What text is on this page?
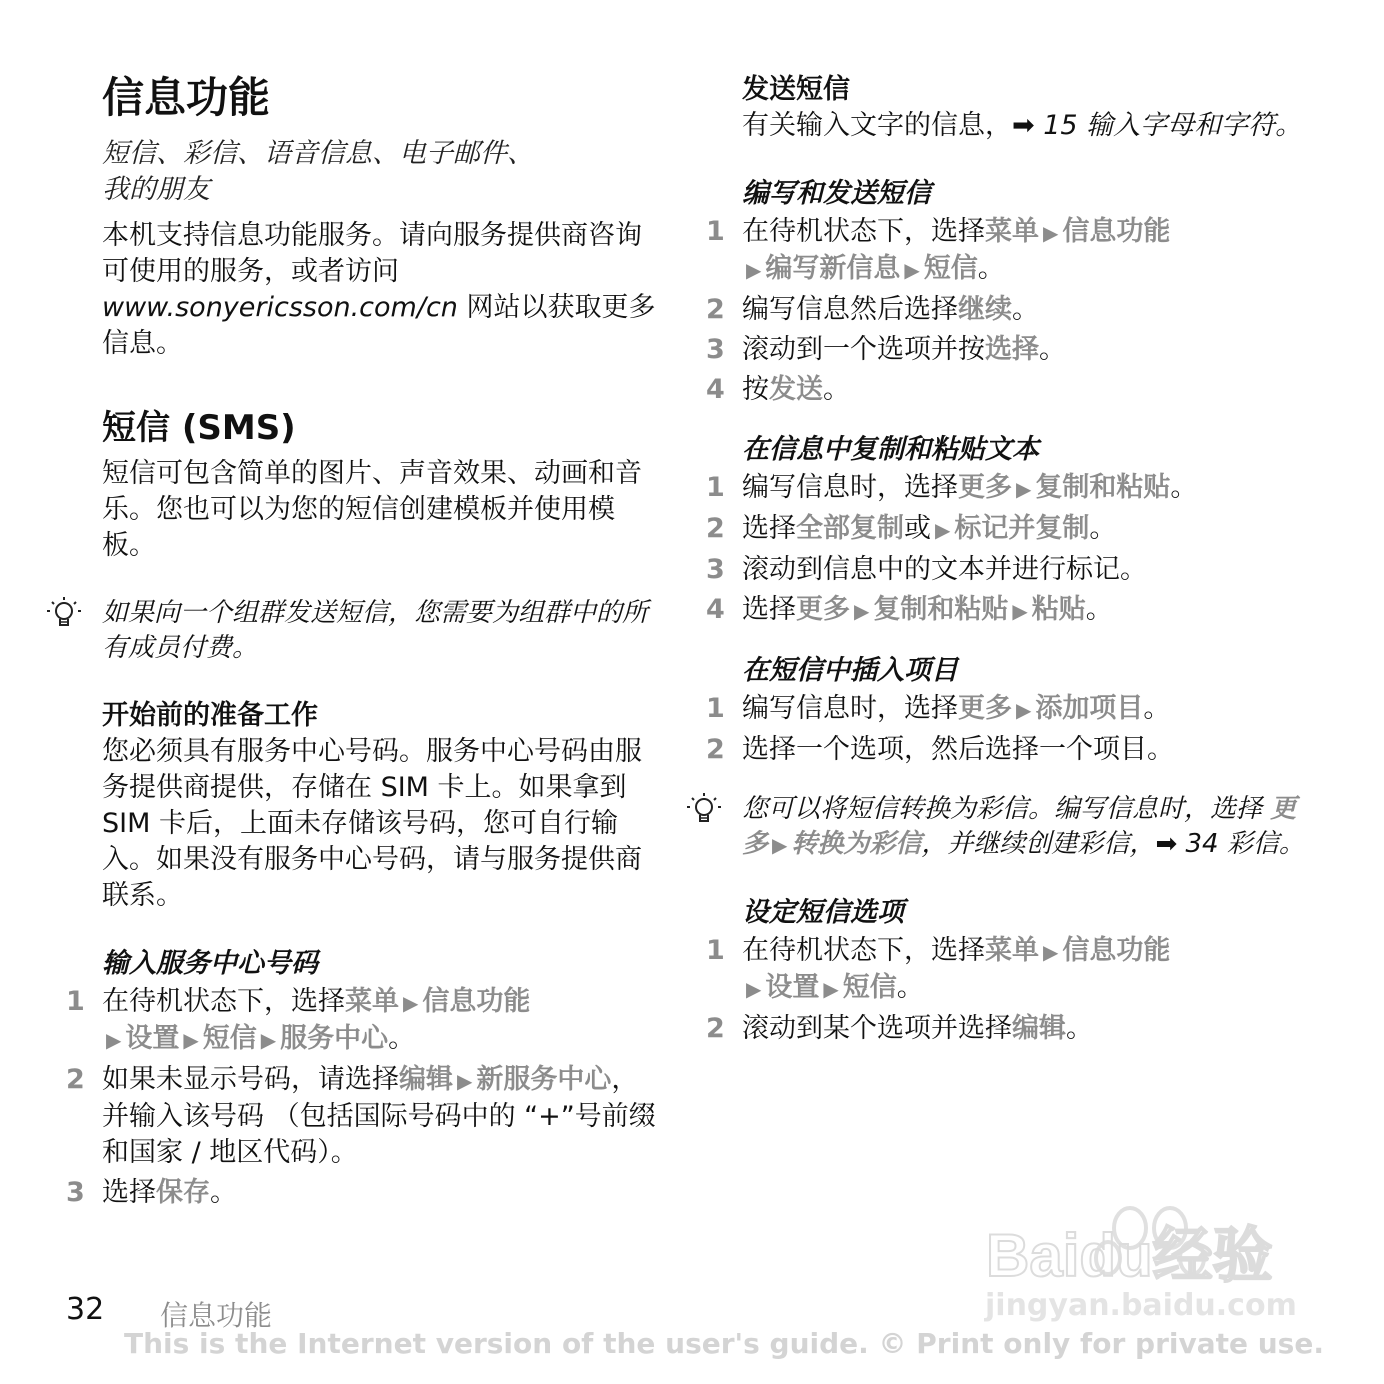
信息功能

短信、彩信、语音信息、电子邮件、
我的朋友

本机支持信息功能服务。请向服务提供商咨询可使用的服务，或者访问www.sonyericsson.com/cn 网站以获取更多信息。

短信 (SMS)

短信可包含简单的图片、声音效果、动画和音乐。您也可以为您的短信创建模板并使用模板。

如果向一个组群发送短信，您需要为组群中的所有成员付费。
开始前的准备工作

您必须具有服务中心号码。服务中心号码由服务提供商提供，存储在 SIM 卡上。如果拿到 SIM 卡后，上面未存储该号码，您可自行输入。如果没有服务中心号码，请与服务提供商联系。

输入服务中心号码
1 在待机状态下，选择菜单 ▶ 信息功能
▶ 设置 ▶ 短信 ▶ 服务中心。
2 如果未显示号码，请选择编辑 ▶ 新服务中心，并输入该号码 （包括国际号码中的 “+”号前缀和国家 / 地区代码）。
3 选择保存。
发送短信

有关输入文字的信息，➡ 15 输入字母和字符。

编写和发送短信
1 在待机状态下，选择菜单 ▶ 信息功能
▶ 编写新信息 ▶ 短信。
2 编写信息然后选择继续。
3 滚动到一个选项并按选择。
4 按发送。
在信息中复制和粘贴文本
1 编写信息时，选择更多 ▶ 复制和粘贴。
2 选择全部复制或 ▶ 标记并复制。
3 滚动到信息中的文本并进行标记。
4 选择更多 ▶ 复制和粘贴 ▶ 粘贴。
在短信中插入项目
1 编写信息时，选择更多 ▶ 添加项目。
2 选择一个选项，然后选择一个项目。
您可以将短信转换为彩信。编写信息时，选择 更多 ▶ 转换为彩信，并继续创建彩信，➡ 34 彩信。
设定短信选项
1 在待机状态下，选择菜单 ▶ 信息功能
▶ 设置 ▶ 短信。
2 滚动到某个选项并选择编辑。
Baidu经验
jingyan.baidu.com
32 信息功能
This is the Internet version of the user's guide. © Print only for private use.
